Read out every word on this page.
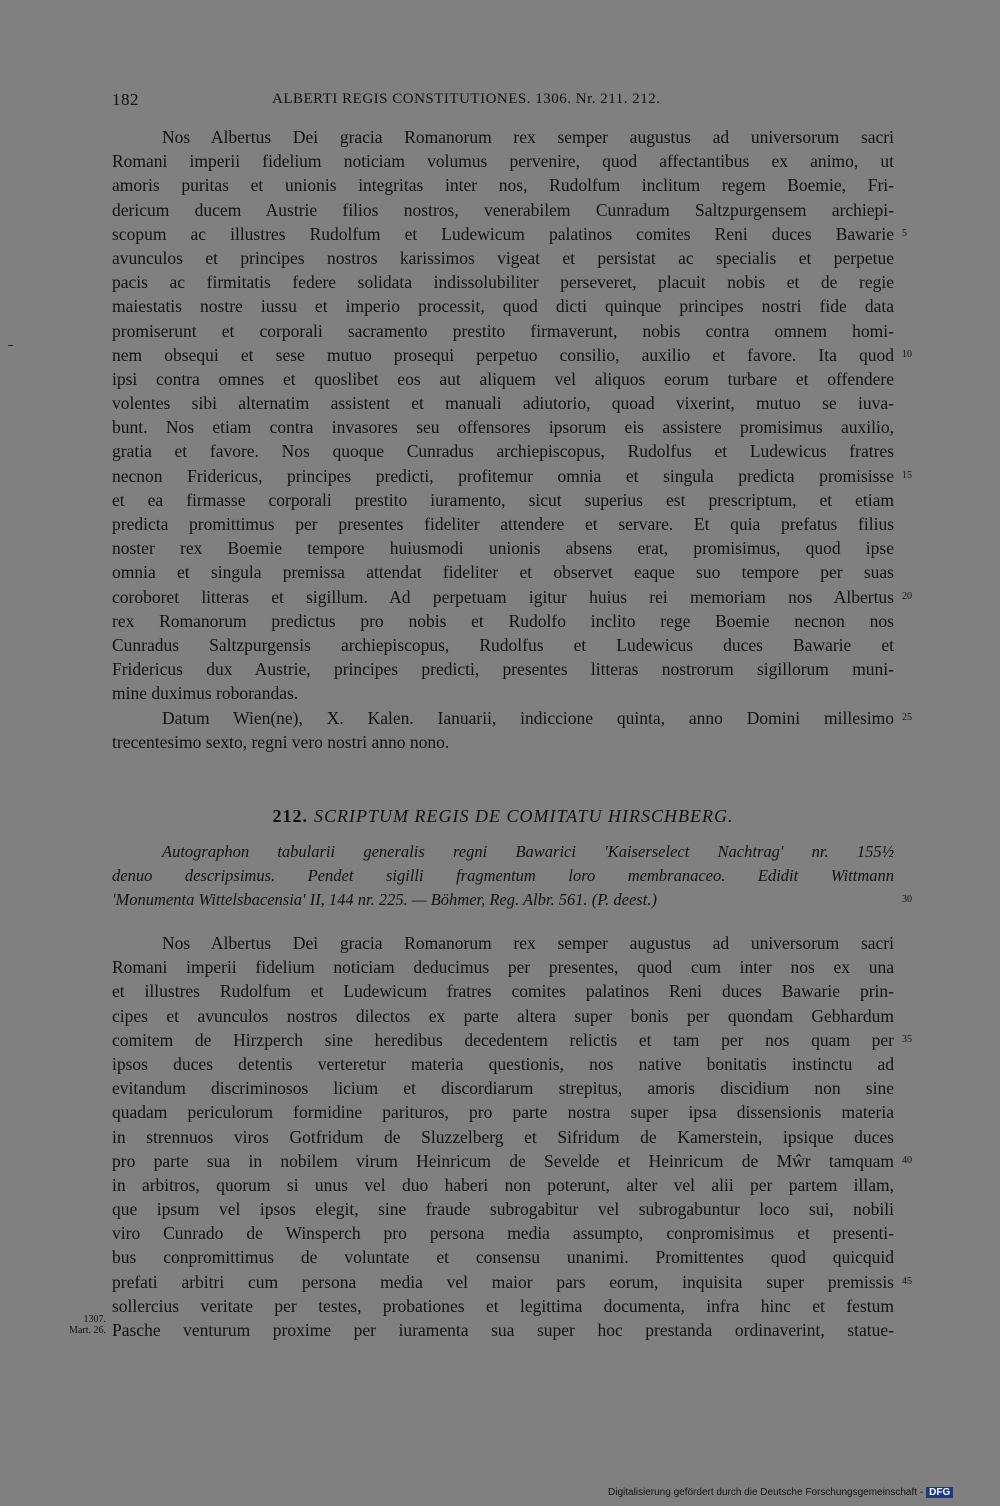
182	ALBERTI REGIS CONSTITUTIONES. 1306. Nr. 211. 212.
Nos Albertus Dei gracia Romanorum rex semper augustus ad universorum sacri
Romani imperii fidelium noticiam volumus pervenire, quod affectantibus ex animo, ut
amoris puritas et unionis integritas inter nos, Rudolfum inclitum regem Boemie, Fri-
dericum ducem Austrie filios nostros, venerabilem Cunradum Saltzpurgensem archiepi-
scopum ac illustres Rudolfum et Ludewicum palatinos comites Reni duces Bawarie 5
avunculos et principes nostros karissimos vigeat et persistat ac specialis et perpetue
pacis ac firmitatis federe solidata indissolubiliter perseveret, placuit nobis et de regie
maiestatis nostre iussu et imperio processit, quod dicti quinque principes nostri fide data
promiserunt et corporali sacramento prestito firmaverunt, nobis contra omnem homi-
nem obsequi et sese mutuo prosequi perpetuo consilio, auxilio et favore. Ita quod 10
ipsi contra omnes et quoslibet eos aut aliquem vel aliquos eorum turbare et offendere
volentes sibi alternatim assistent et manuali adiutorio, quoad vixerint, mutuo se iuva-
bunt. Nos etiam contra invasores seu offensores ipsorum eis assistere promisimus auxilio,
gratia et favore. Nos quoque Cunradus archiepiscopus, Rudolfus et Ludewicus fratres
necnon Fridericus, principes predicti, profitemur omnia et singula predicta promisisse 15
et ea firmasse corporali prestito iuramento, sicut superius est prescriptum, et etiam
predicta promittimus per presentes fideliter attendere et servare. Et quia prefatus filius
noster rex Boemie tempore huiusmodi unionis absens erat, promisimus, quod ipse
omnia et singula premissa attendat fideliter et observet eaque suo tempore per suas
coroboret litteras et sigillum. Ad perpetuam igitur huius rei memoriam nos Albertus 20
rex Romanorum predictus pro nobis et Rudolfo inclito rege Boemie necnon nos
Cunradus Saltzpurgensis archiepiscopus, Rudolfus et Ludewicus duces Bawarie et
Fridericus dux Austrie, principes predicti, presentes litteras nostrorum sigillorum muni-
mine duximus roborandas.
Datum Wien(ne), X. Kalen. Ianuarii, indiccione quinta, anno Domini millesimo 25
trecentesimo sexto, regni vero nostri anno nono.
212. SCRIPTUM REGIS DE COMITATU HIRSCHBERG.
Autographon tabularii generalis regni Bawarici 'Kaiserselect Nachtrag' nr. 155½
denuo descripsimus. Pendet sigilli fragmentum loro membranaceo. Edidit Wittmann
'Monumenta Wittelsbacensia' II, 144 nr. 225. — Böhmer, Reg. Albr. 561. (P. deest.)	30
Nos Albertus Dei gracia Romanorum rex semper augustus ad universorum sacri
Romani imperii fidelium noticiam deducimus per presentes, quod cum inter nos ex una
et illustres Rudolfum et Ludewicum fratres comites palatinos Reni duces Bawarie prin-
cipes et avunculos nostros dilectos ex parte altera super bonis per quondam Gebhardum
comitem de Hirzperch sine heredibus decedentem relictis et tam per nos quam per 35
ipsos duces detentis verteretur materia questionis, nos native bonitatis instinctu ad
evitandum discriminosos licium et discordiarum strepitus, amoris discidium non sine
quadam periculorum formidine parituros, pro parte nostra super ipsa dissensionis materia
in strennuos viros Gotfridum de Sluzzelberg et Sifridum de Kamerstein, ipsique duces
pro parte sua in nobilem virum Heinricum de Sevelde et Heinricum de Mŵr tamquam 40
in arbitros, quorum si unus vel duo haberi non poterunt, alter vel alii per partem illam,
que ipsum vel ipsos elegit, sine fraude subrogabitur vel subrogabuntur loco sui, nobili
viro Cunrado de Winsperch pro persona media assumpto, conpromisimus et presenti-
bus conpromittimus de voluntate et consensu unanimi. Promittentes quod quicquid
prefati arbitri cum persona media vel maior pars eorum, inquisita super premissis 45
sollercius veritate per testes, probationes et legittima documenta, infra hinc et festum
Pasche venturum proxime per iuramenta sua super hoc prestanda ordinaverint, statue-
1307.
Mart. 26.
Digitalisierung gefördert durch die Deutsche Forschungsgemeinschaft - DFG
